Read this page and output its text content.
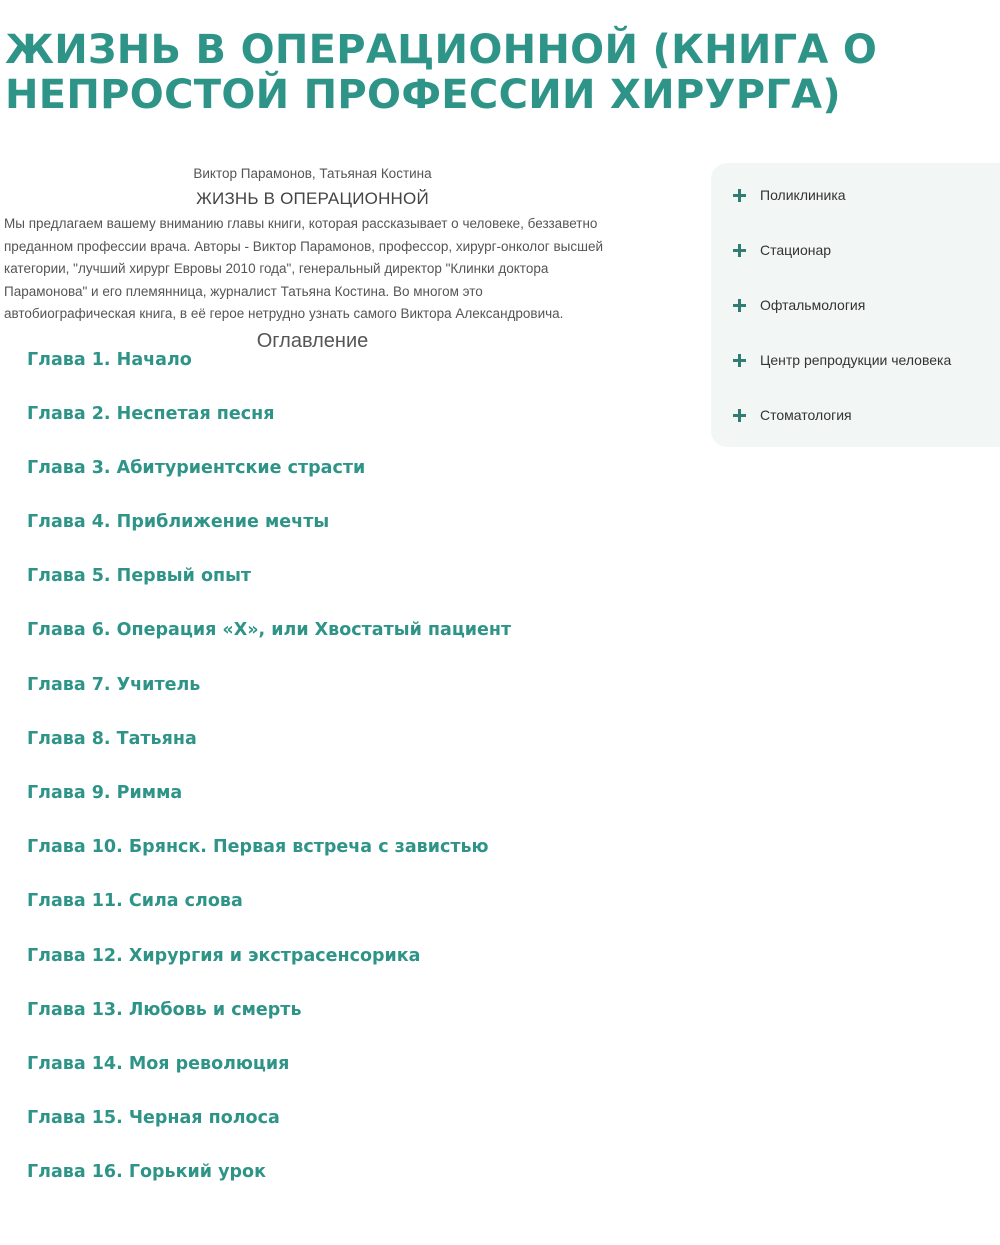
ЖИЗНЬ В ОПЕРАЦИОННОЙ (КНИГА О НЕПРОСТОЙ ПРОФЕССИИ ХИРУРГА)

Виктор Парамонов, Татьяная Костина

ЖИЗНЬ В ОПЕРАЦИОННОЙ

Мы предлагаем вашему вниманию главы книги, которая рассказывает о человеке, беззаветно преданном профессии врача. Авторы - Виктор Парамонов, профессор, хирург-онколог высшей категории, "лучший хирург Евровы 2010 года", генеральный директор "Клинки доктора Парамонова" и его племянница, журналист Татьяна Костина. Во многом это автобиографическая книга, в её герое нетрудно узнать самого Виктора Александровича.

Оглавление
Глава 1. Начало
Глава 2. Неспетая песня
Глава 3. Абитуриентские страсти
Глава 4. Приближение мечты
Глава 5. Первый опыт
Глава 6. Операция «Х», или Хвостатый пациент
Глава 7. Учитель
Глава 8. Татьяна
Глава 9. Римма
Глава 10. Брянск. Первая встреча с завистью
Глава 11. Сила слова
Глава 12. Хирургия и экстрасенсорика
Глава 13. Любовь и смерть
Глава 14. Моя революция
Глава 15. Черная полоса
Глава 16. Горький урок
Поликлиника
Стационар
Офтальмология
Центр репродукции человека
Стоматология
